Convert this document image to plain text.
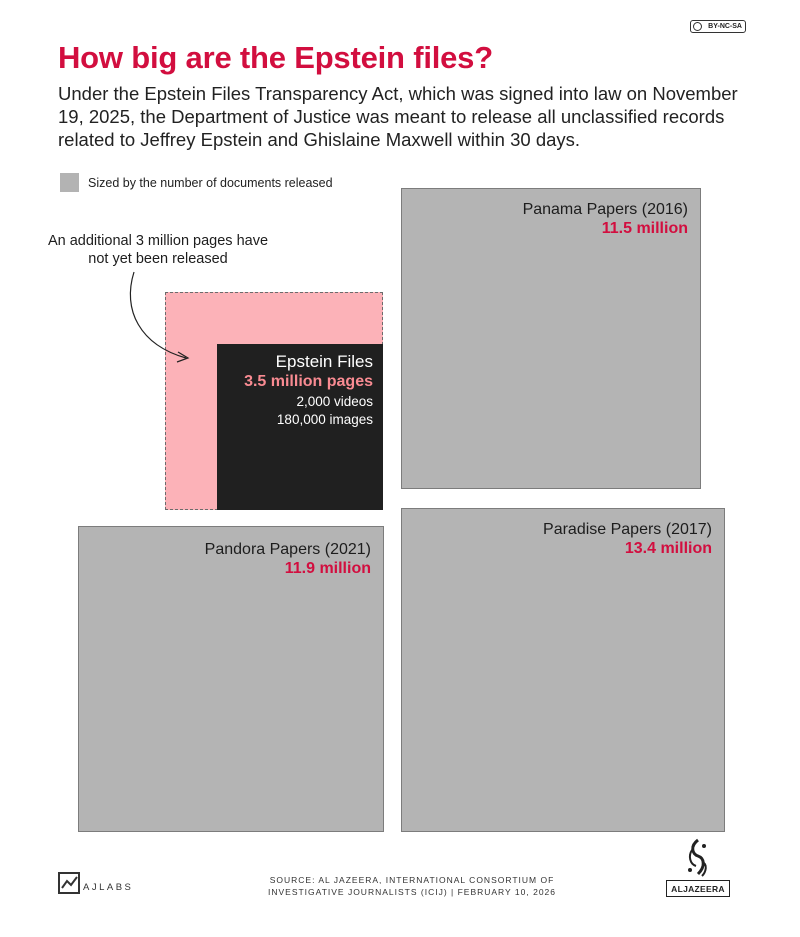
BY-NC-SA
How big are the Epstein files?

Under the Epstein Files Transparency Act, which was signed into law on November 19, 2025, the Department of Justice was meant to release all unclassified records related to Jeffrey Epstein and Ghislaine Maxwell within 30 days.

Sized by the number of documents released
Panama Papers (2016)
11.5 million
Paradise Papers (2017)
13.4 million
Pandora Papers (2021)
11.9 million
Epstein Files
3.5 million pages
2,000 videos
180,000 images

An additional 3 million pages have not yet been released

AJLABS

SOURCE: AL JAZEERA, INTERNATIONAL CONSORTIUM OF INVESTIGATIVE JOURNALISTS (ICIJ) | FEBRUARY 10, 2026	ALJAZEERA
